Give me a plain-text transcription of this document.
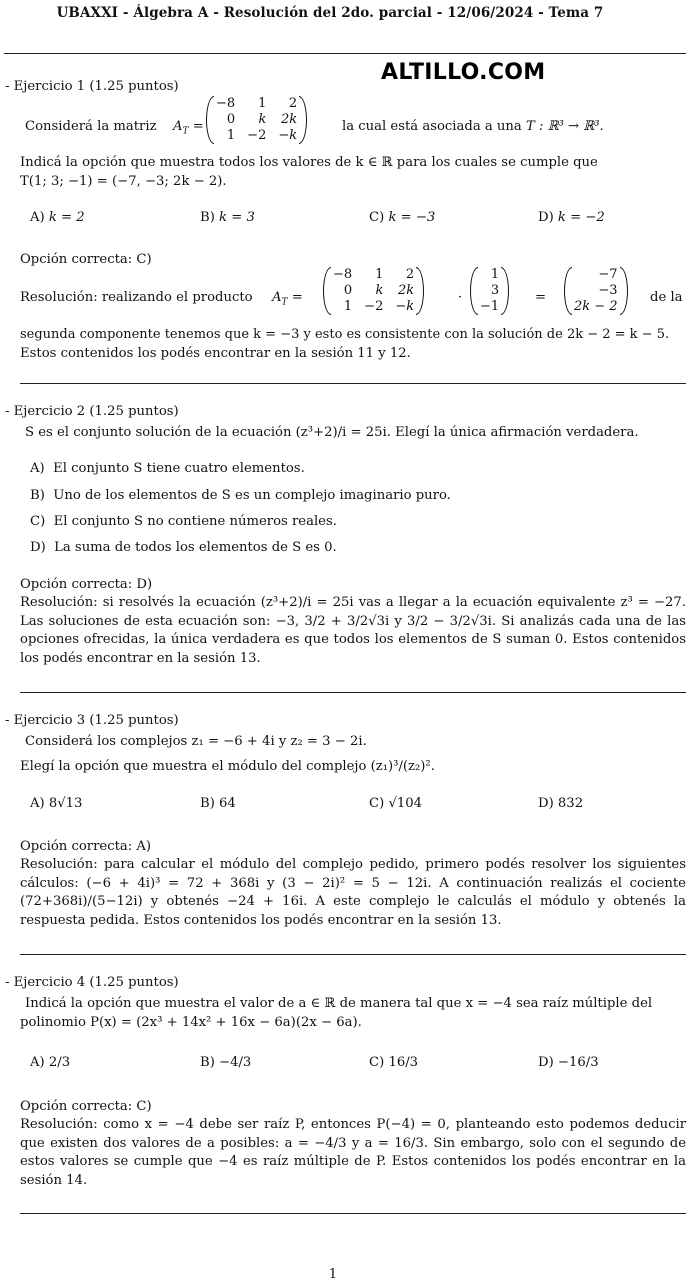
UBAXXI - Álgebra A - Resolución del 2do. parcial - 12/06/2024 - Tema 7
ALTILLO.COM
- Ejercicio 1 (1.25 puntos)
Considerá la matriz $A_T$ =
−8	1	2
0	k	2k
1	−2	−k
la cual está asociada a una T : ℝ³ → ℝ³.
Indicá la opción que muestra todos los valores de k ∈ ℝ para los cuales se cumple que
T(1; 3; −1) = (−7, −3; 2k − 2).
A) k = 2	B) k = 3	C) k = −3	D) k = −2
Opción correcta: C)
Resolución: realizando el producto $A_T$ =
−8	1	2
0	k	2k
1	−2	−k
·
1
3
−1
=
−7
−3
2k − 2
de la
segunda componente tenemos que k = −3 y esto es consistente con la solución de 2k − 2 = k − 5.
Estos contenidos los podés encontrar en la sesión 11 y 12.
- Ejercicio 2 (1.25 puntos)
S es el conjunto solución de la ecuación (z³+2)/i = 25i. Elegí la única afirmación verdadera.
A) El conjunto S tiene cuatro elementos.
B) Uno de los elementos de S es un complejo imaginario puro.
C) El conjunto S no contiene números reales.
D) La suma de todos los elementos de S es 0.
Opción correcta: D)
Resolución: si resolvés la ecuación (z³+2)/i = 25i vas a llegar a la ecuación equivalente z³ = −27. Las soluciones de esta ecuación son: −3, 3/2 + 3/2√3i y 3/2 − 3/2√3i. Si analizás cada una de las opciones ofrecidas, la única verdadera es que todos los elementos de S suman 0. Estos contenidos los podés encontrar en la sesión 13.
- Ejercicio 3 (1.25 puntos)
Considerá los complejos z₁ = −6 + 4i y z₂ = 3 − 2i.
Elegí la opción que muestra el módulo del complejo (z₁)³/(z₂)².
A) 8√13	B) 64	C) √104	D) 832
Opción correcta: A)
Resolución: para calcular el módulo del complejo pedido, primero podés resolver los siguientes cálculos: (−6 + 4i)³ = 72 + 368i y (3 − 2i)² = 5 − 12i. A continuación realizás el cociente (72+368i)/(5−12i) y obtenés −24 + 16i. A este complejo le calculás el módulo y obtenés la respuesta pedida. Estos contenidos los podés encontrar en la sesión 13.
- Ejercicio 4 (1.25 puntos)
Indicá la opción que muestra el valor de a ∈ ℝ de manera tal que x = −4 sea raíz múltiple del
polinomio P(x) = (2x³ + 14x² + 16x − 6a)(2x − 6a).
A) 2/3	B) −4/3	C) 16/3	D) −16/3
Opción correcta: C)
Resolución: como x = −4 debe ser raíz P, entonces P(−4) = 0, planteando esto podemos deducir que existen dos valores de a posibles: a = −4/3 y a = 16/3. Sin embargo, solo con el segundo de estos valores se cumple que −4 es raíz múltiple de P. Estos contenidos los podés encontrar en la sesión 14.
1
